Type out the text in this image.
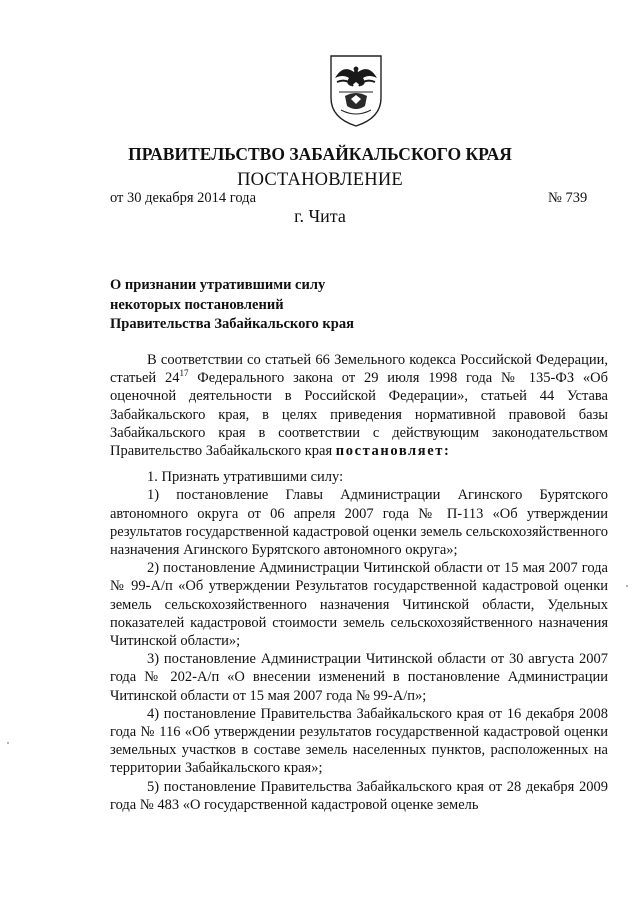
ПРАВИТЕЛЬСТВО ЗАБАЙКАЛЬСКОГО КРАЯ
ПОСТАНОВЛЕНИЕ
от 30 декабря 2014 года	№ 739
г. Чита
О признании утратившими силу
некоторых постановлений
Правительства Забайкальского края

В соответствии со статьей 66 Земельного кодекса Российской Федерации, статьей $24^{17}$ Федерального закона от 29 июля 1998 года № 135-ФЗ «Об оценочной деятельности в Российской Федерации», статьей 44 Устава Забайкальского края, в целях приведения нормативной правовой базы Забайкальского края в соответствии с действующим законодательством Правительство Забайкальского края постановляет:

1. Признать утратившими силу:

1) постановление Главы Администрации Агинского Бурятского автономного округа от 06 апреля 2007 года № П-113 «Об утверждении результатов государственной кадастровой оценки земель сельскохозяйственного назначения Агинского Бурятского автономного округа»;

2) постановление Администрации Читинской области от 15 мая 2007 года № 99-А/п «Об утверждении Результатов государственной кадастровой оценки земель сельскохозяйственного назначения Читинской области, Удельных показателей кадастровой стоимости земель сельскохозяйственного назначения Читинской области»;

3) постановление Администрации Читинской области от 30 августа 2007 года № 202-А/п «О внесении изменений в постановление Администрации Читинской области от 15 мая 2007 года № 99-А/п»;

4) постановление Правительства Забайкальского края от 16 декабря 2008 года № 116 «Об утверждении результатов государственной кадастровой оценки земельных участков в составе земель населенных пунктов, расположенных на территории Забайкальского края»;

5) постановление Правительства Забайкальского края от 28 декабря 2009 года № 483 «О государственной кадастровой оценке земель
